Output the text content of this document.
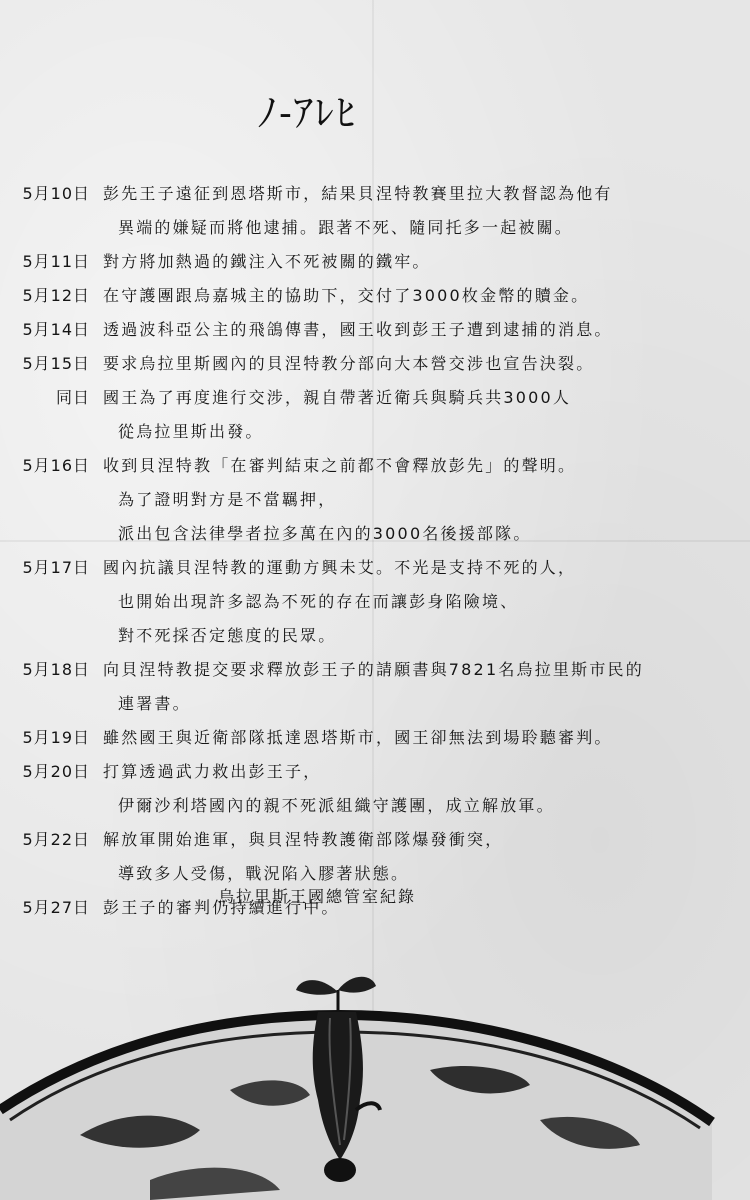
ﾉ-ｱﾚﾋ
5月10日 彭先王子遠征到恩塔斯市，結果貝涅特教賽里拉大教督認為他有
異端的嫌疑而將他逮捕。跟著不死、隨同托多一起被關。
5月11日 對方將加熱過的鐵注入不死被關的鐵牢。
5月12日 在守護團跟烏嘉城主的協助下，交付了3000枚金幣的贖金。
5月14日 透過波科亞公主的飛鴿傳書，國王收到彭王子遭到逮捕的消息。
5月15日 要求烏拉里斯國內的貝涅特教分部向大本營交涉也宣告決裂。
同日 國王為了再度進行交涉，親自帶著近衛兵與騎兵共3000人
從烏拉里斯出發。
5月16日 收到貝涅特教「在審判結束之前都不會釋放彭先」的聲明。
為了證明對方是不當羈押，
派出包含法律學者拉多萬在內的3000名後援部隊。
5月17日 國內抗議貝涅特教的運動方興未艾。不光是支持不死的人，
也開始出現許多認為不死的存在而讓彭身陷險境、
對不死採否定態度的民眾。
5月18日 向貝涅特教提交要求釋放彭王子的請願書與7821名烏拉里斯市民的
連署書。
5月19日 雖然國王與近衛部隊抵達恩塔斯市，國王卻無法到場聆聽審判。
5月20日 打算透過武力救出彭王子，
伊爾沙利塔國內的親不死派組織守護團，成立解放軍。
5月22日 解放軍開始進軍，與貝涅特教護衛部隊爆發衝突，
導致多人受傷，戰況陷入膠著狀態。
5月27日 彭王子的審判仍持續進行中。
烏拉里斯王國總管室紀錄
